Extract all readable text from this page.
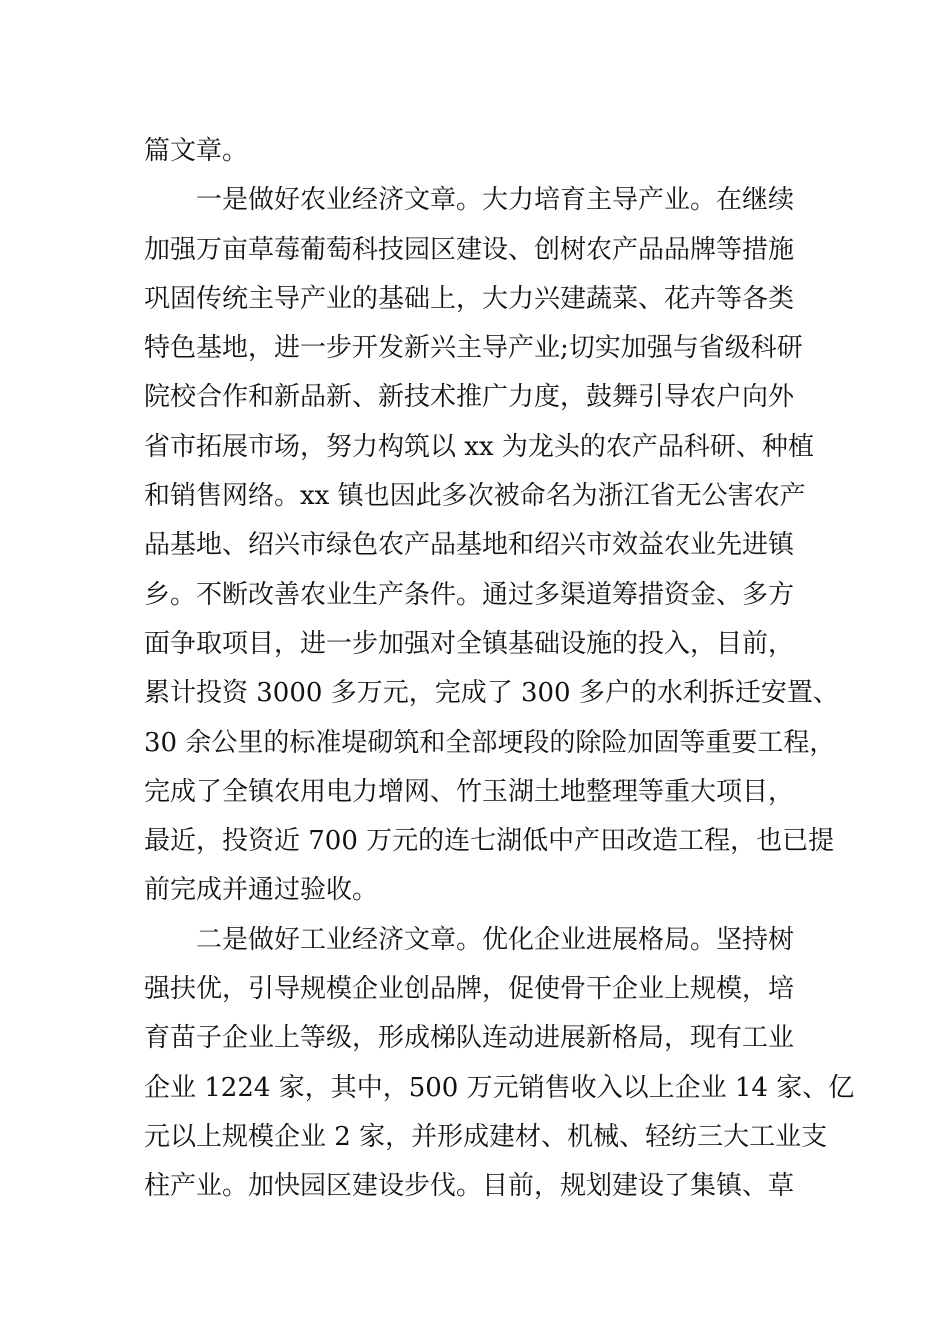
篇文章。
一是做好农业经济文章。大力培育主导产业。在继续
加强万亩草莓葡萄科技园区建设、创树农产品品牌等措施
巩固传统主导产业的基础上，大力兴建蔬菜、花卉等各类
特色基地，进一步开发新兴主导产业;切实加强与省级科研
院校合作和新品新、新技术推广力度，鼓舞引导农户向外
省市拓展市场，努力构筑以 xx 为龙头的农产品科研、种植
和销售网络。xx 镇也因此多次被命名为浙江省无公害农产
品基地、绍兴市绿色农产品基地和绍兴市效益农业先进镇
乡。不断改善农业生产条件。通过多渠道筹措资金、多方
面争取项目，进一步加强对全镇基础设施的投入，目前，
累计投资 3000 多万元，完成了 300 多户的水利拆迁安置、
30 余公里的标准堤砌筑和全部埂段的除险加固等重要工程，
完成了全镇农用电力增网、竹玉湖土地整理等重大项目，
最近，投资近 700 万元的连七湖低中产田改造工程，也已提
前完成并通过验收。
二是做好工业经济文章。优化企业进展格局。坚持树
强扶优，引导规模企业创品牌，促使骨干企业上规模，培
育苗子企业上等级，形成梯队连动进展新格局，现有工业
企业 1224 家，其中，500 万元销售收入以上企业 14 家、亿
元以上规模企业 2 家，并形成建材、机械、轻纺三大工业支
柱产业。加快园区建设步伐。目前，规划建设了集镇、草
